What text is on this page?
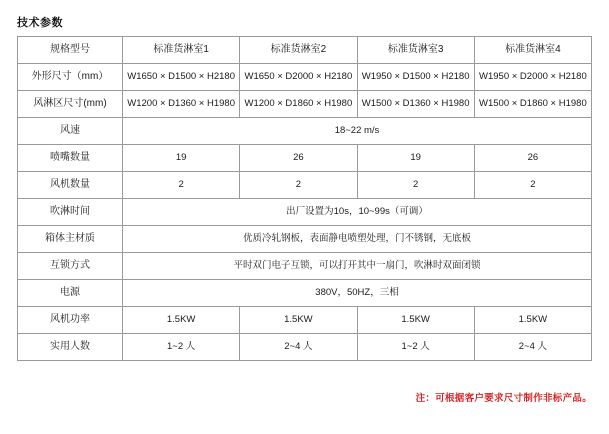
技术参数
规格型号	标准货淋室1	标准货淋室2	标准货淋室3	标准货淋室4
外形尺寸（mm）	W1650 × D1500 × H2180	W1650 × D2000 × H2180	W1950 × D1500 × H2180	W1950 × D2000 × H2180
风淋区尺寸(mm)	W1200 × D1360 × H1980	W1200 × D1860 × H1980	W1500 × D1360 × H1980	W1500 × D1860 × H1980
风速	18~22 m/s			
喷嘴数量	19	26	19	26
风机数量	2	2	2	2
吹淋时间	出厂设置为10s，10~99s（可调）			
箱体主材质	优质冷轧钢板，表面静电喷塑处理，门不锈钢，无底板			
互锁方式	平时双门电子互锁，可以打开其中一扇门，吹淋时双面闭锁			
电源	380V，50HZ，三相			
风机功率	1.5KW	1.5KW	1.5KW	1.5KW
实用人数	1~2 人	2~4 人	1~2 人	2~4 人
注：可根据客户要求尺寸制作非标产品。
